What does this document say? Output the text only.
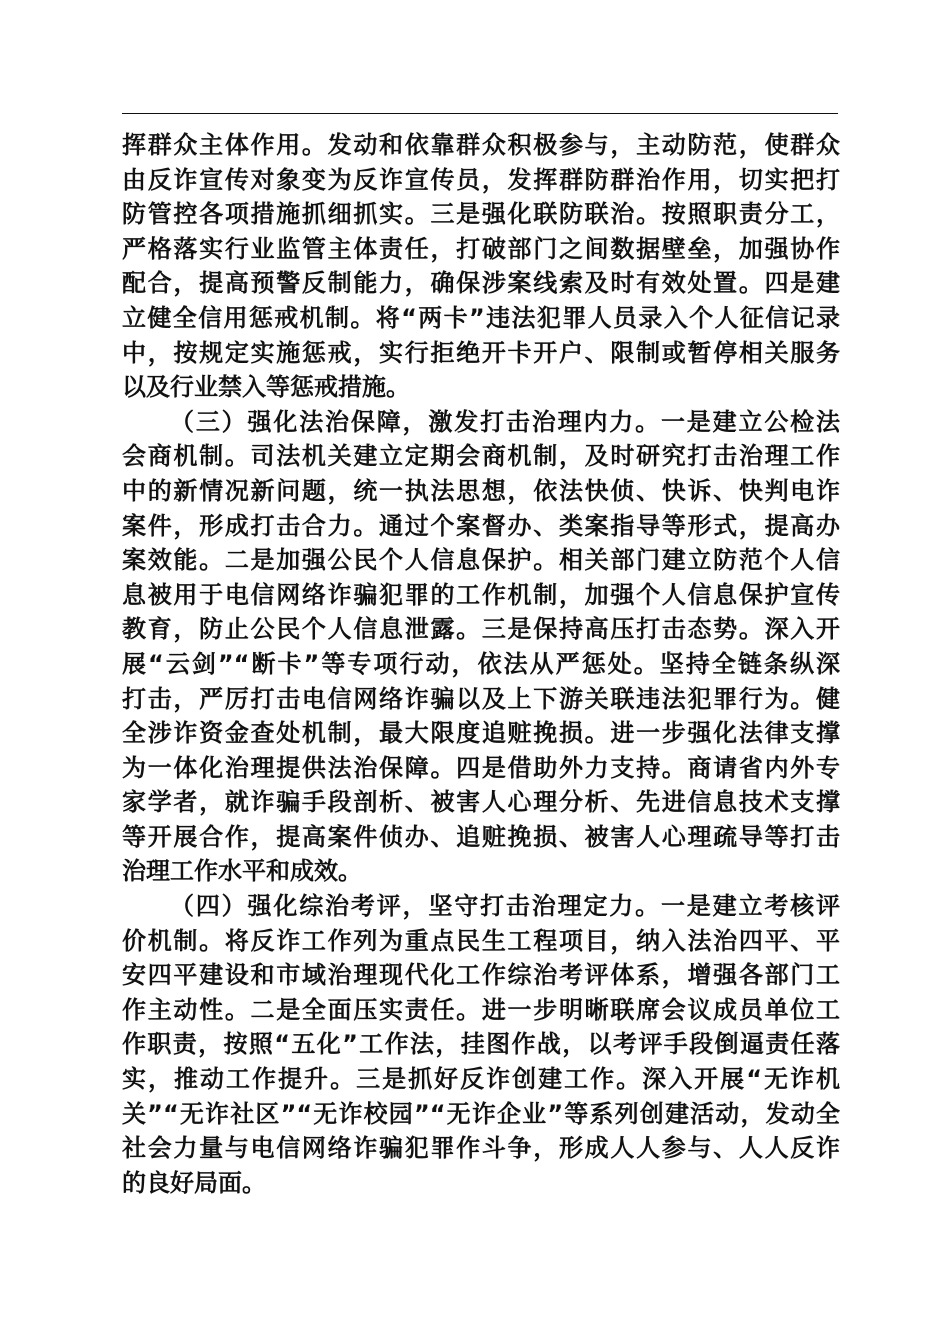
挥群众主体作用。发动和依靠群众积极参与，主动防范，使群众
由反诈宣传对象变为反诈宣传员，发挥群防群治作用，切实把打
防管控各项措施抓细抓实。三是强化联防联治。按照职责分工，
严格落实行业监管主体责任，打破部门之间数据壁垒，加强协作
配合，提高预警反制能力，确保涉案线索及时有效处置。四是建
立健全信用惩戒机制。将“两卡”违法犯罪人员录入个人征信记录
中，按规定实施惩戒，实行拒绝开卡开户、限制或暂停相关服务
以及行业禁入等惩戒措施。
（三）强化法治保障，激发打击治理内力。一是建立公检法
会商机制。司法机关建立定期会商机制，及时研究打击治理工作
中的新情况新问题，统一执法思想，依法快侦、快诉、快判电诈
案件，形成打击合力。通过个案督办、类案指导等形式，提高办
案效能。二是加强公民个人信息保护。相关部门建立防范个人信
息被用于电信网络诈骗犯罪的工作机制，加强个人信息保护宣传
教育，防止公民个人信息泄露。三是保持高压打击态势。深入开
展“云剑”“断卡”等专项行动，依法从严惩处。坚持全链条纵深
打击，严厉打击电信网络诈骗以及上下游关联违法犯罪行为。健
全涉诈资金查处机制，最大限度追赃挽损。进一步强化法律支撑
为一体化治理提供法治保障。四是借助外力支持。商请省内外专
家学者，就诈骗手段剖析、被害人心理分析、先进信息技术支撑
等开展合作，提高案件侦办、追赃挽损、被害人心理疏导等打击
治理工作水平和成效。
（四）强化综治考评，坚守打击治理定力。一是建立考核评
价机制。将反诈工作列为重点民生工程项目，纳入法治四平、平
安四平建设和市域治理现代化工作综治考评体系，增强各部门工
作主动性。二是全面压实责任。进一步明晰联席会议成员单位工
作职责，按照“五化”工作法，挂图作战，以考评手段倒逼责任落
实，推动工作提升。三是抓好反诈创建工作。深入开展“无诈机
关”“无诈社区”“无诈校园”“无诈企业”等系列创建活动，发动全
社会力量与电信网络诈骗犯罪作斗争，形成人人参与、人人反诈
的良好局面。
